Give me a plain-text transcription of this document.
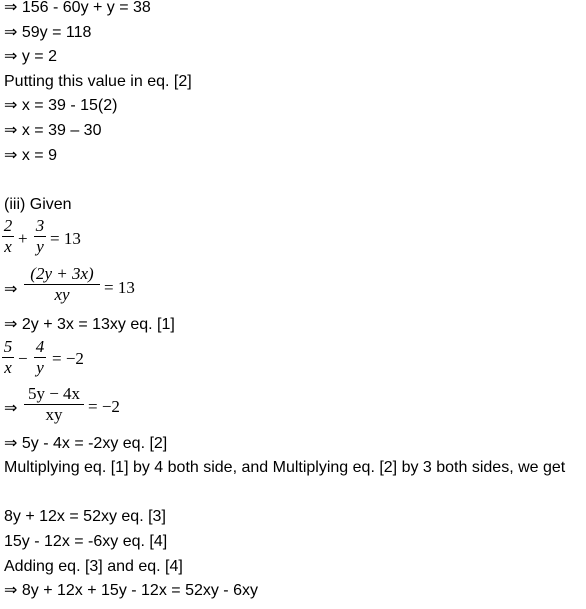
⇒ 156 - 60y + y = 38
⇒ 59y = 118
⇒ y = 2
Putting this value in eq. [2]
⇒ x = 39 - 15(2)
⇒ x = 39 – 30
⇒ x = 9
(iii) Given
2
x +
3
y = 13
⇒
(2y + 3x)
xy	= 13
⇒ 2y + 3x = 13xy eq. [1]
5
x −
4
y = −2
⇒
5y − 4x
xy	= −2
⇒ 5y - 4x = -2xy eq. [2]
Multiplying eq. [1] by 4 both side, and Multiplying eq. [2] by 3 both sides, we get
8y + 12x = 52xy eq. [3]
15y - 12x = -6xy eq. [4]
Adding eq. [3] and eq. [4]
⇒ 8y + 12x + 15y - 12x = 52xy - 6xy
